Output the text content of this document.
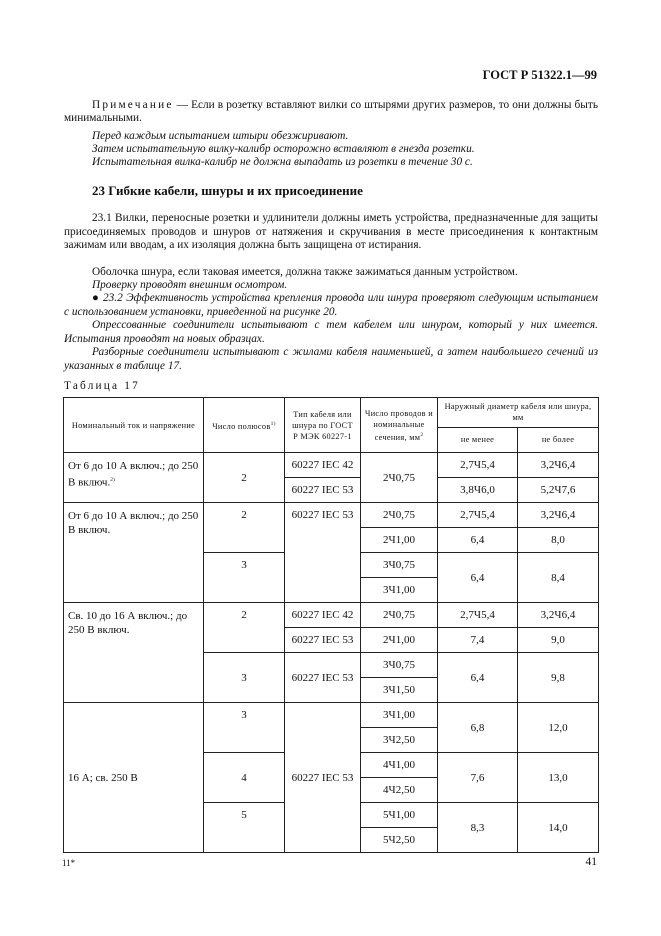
ГОСТ Р 51322.1—99
Примечание — Если в розетку вставляют вилки со штырями других размеров, то они должны быть минимальными.
Перед каждым испытанием штыри обезжиривают.
Затем испытательную вилку-калибр осторожно вставляют в гнезда розетки.
Испытательная вилка-калибр не должна выпадать из розетки в течение 30 с.
23 Гибкие кабели, шнуры и их присоединение
23.1 Вилки, переносные розетки и удлинители должны иметь устройства, предназначенные для защиты присоединяемых проводов и шнуров от натяжения и скручивания в месте присоединения к контактным зажимам или вводам, а их изоляция должна быть защищена от истирания.
Оболочка шнура, если таковая имеется, должна также зажиматься данным устройством.
Проверку проводят внешним осмотром.
● 23.2 Эффективность устройства крепления провода или шнура проверяют следующим испытанием с использованием установки, приведенной на рисунке 20.
Опрессованные соединители испытывают с тем кабелем или шнуром, который у них имеется. Испытания проводят на новых образцах.
Разборные соединители испытывают с жилами кабеля наименьшей, а затем наибольшего сечений из указанных в таблице 17.
Таблица 17
Номинальный ток и напряжение	Число полюсов$^{1)}$	Тип кабеля или шнура по ГОСТ Р МЭК 60227-1	Число проводов и номинальные сечения, $мм^2$	Наружный диаметр кабеля или шнура, мм	
				не менее	не более
От 6 до 10 А включ.; до 250 В включ.$^{2)}$	2	60227 IEC 42	2Ч0,75	2,7Ч5,4	3,2Ч6,4
		60227 IEC 53		3,8Ч6,0	5,2Ч7,6
От 6 до 10 А включ.; до 250 В включ.	2	60227 IEC 53	2Ч0,75	2,7Ч5,4	3,2Ч6,4
			2Ч1,00	6,4	8,0
	3		3Ч0,75	6,4	8,4
			3Ч1,00		
Св. 10 до 16 А включ.; до 250 В включ.	2	60227 IEC 42	2Ч0,75	2,7Ч5,4	3,2Ч6,4
		60227 IEC 53	2Ч1,00	7,4	9,0
	3	60227 IEC 53	3Ч0,75	6,4	9,8
			3Ч1,50		
16 А; св. 250 В	3	60227 IEC 53	3Ч1,00	6,8	12,0
			3Ч2,50		
	4		4Ч1,00	7,6	13,0
			4Ч2,50		
	5		5Ч1,00	8,3	14,0
			5Ч2,50		
11*	41
